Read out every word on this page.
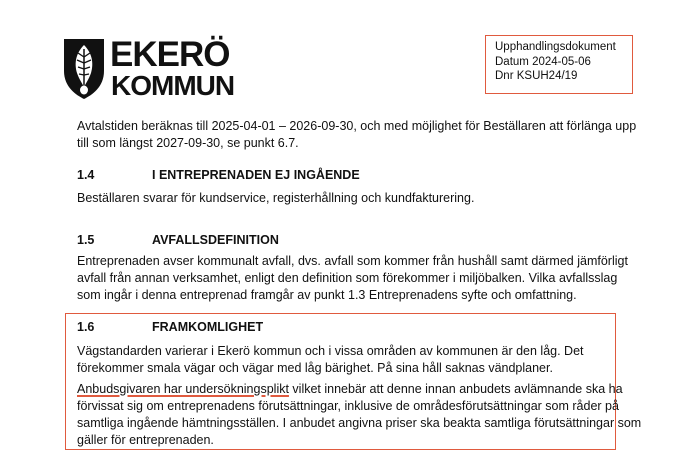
EKERÖ
KOMMUN
Upphandlingsdokument
Datum 2024-05-06
Dnr KSUH24/19
Avtalstiden beräknas till 2025-04-01 – 2026-09-30, och med möjlighet för Beställaren att förlänga upp
till som längst 2027-09-30, se punkt 6.7.
1.4	I ENTREPRENADEN EJ INGÅENDE
Beställaren svarar för kundservice, registerhållning och kundfakturering.
1.5	AVFALLSDEFINITION
Entreprenaden avser kommunalt avfall, dvs. avfall som kommer från hushåll samt därmed jämförligt
avfall från annan verksamhet, enligt den definition som förekommer i miljöbalken. Vilka avfallsslag
som ingår i denna entreprenad framgår av punkt 1.3 Entreprenadens syfte och omfattning.
1.6	FRAMKOMLIGHET
Vägstandarden varierar i Ekerö kommun och i vissa områden av kommunen är den låg. Det
förekommer smala vägar och vägar med låg bärighet. På sina håll saknas vändplaner.
Anbudsgivaren har undersökningsplikt vilket innebär att denne innan anbudets avlämnande ska ha
förvissat sig om entreprenadens förutsättningar, inklusive de områdesförutsättningar som råder på
samtliga ingående hämtningsställen. I anbudet angivna priser ska beakta samtliga förutsättningar som
gäller för entreprenaden.
